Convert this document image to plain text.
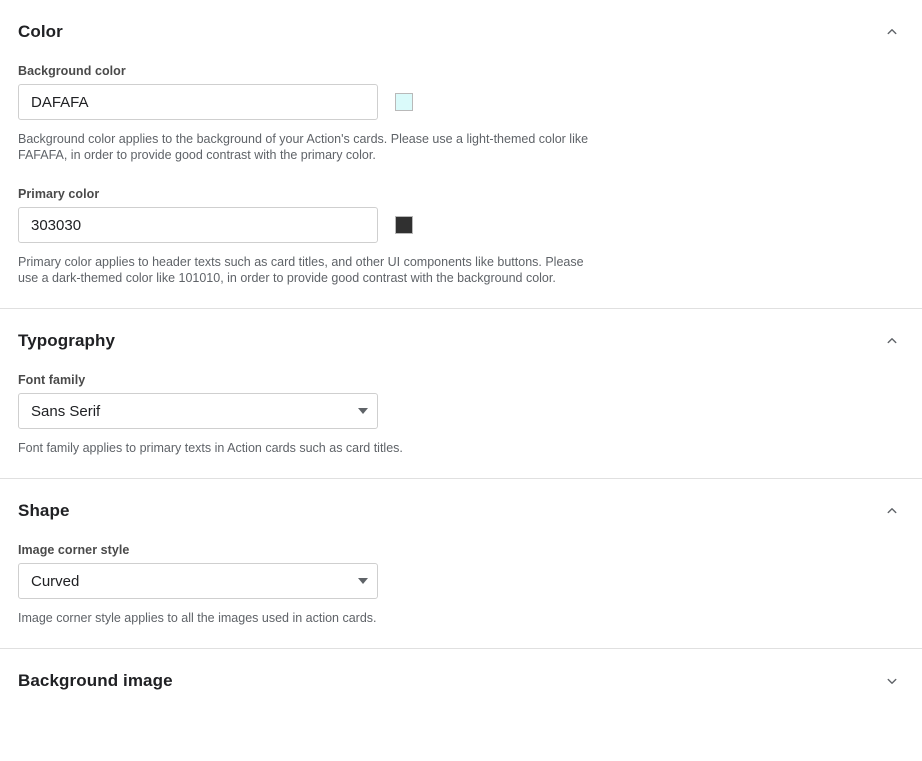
Color
Background color
DAFAFA
Background color applies to the background of your Action's cards. Please use a light-themed color like FAFAFA, in order to provide good contrast with the primary color.
Primary color
303030
Primary color applies to header texts such as card titles, and other UI components like buttons. Please use a dark-themed color like 101010, in order to provide good contrast with the background color.
Typography
Font family
Sans Serif
Font family applies to primary texts in Action cards such as card titles.
Shape
Image corner style
Curved
Image corner style applies to all the images used in action cards.
Background image
